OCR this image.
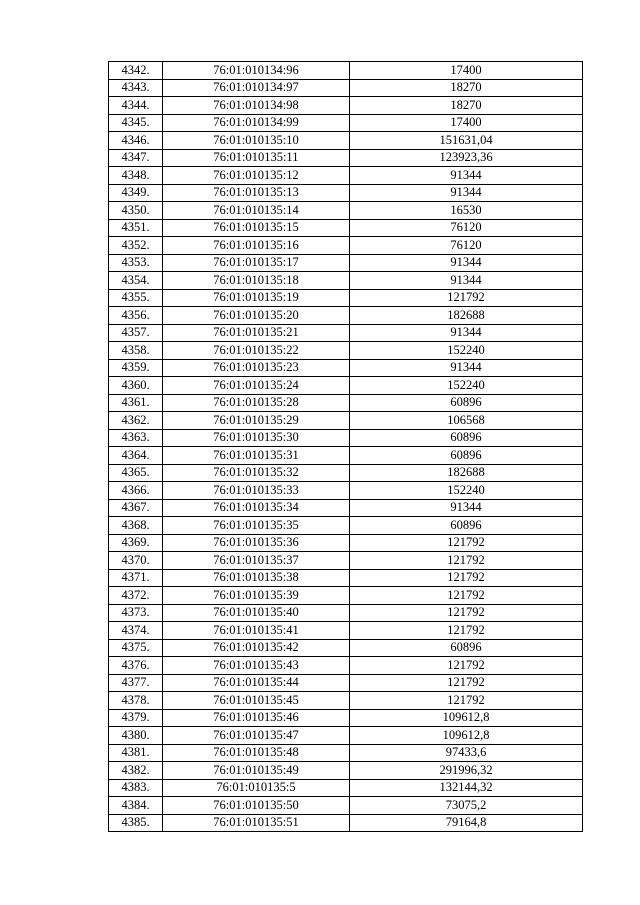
4342.	76:01:010134:96	17400
4343.	76:01:010134:97	18270
4344.	76:01:010134:98	18270
4345.	76:01:010134:99	17400
4346.	76:01:010135:10	151631,04
4347.	76:01:010135:11	123923,36
4348.	76:01:010135:12	91344
4349.	76:01:010135:13	91344
4350.	76:01:010135:14	16530
4351.	76:01:010135:15	76120
4352.	76:01:010135:16	76120
4353.	76:01:010135:17	91344
4354.	76:01:010135:18	91344
4355.	76:01:010135:19	121792
4356.	76:01:010135:20	182688
4357.	76:01:010135:21	91344
4358.	76:01:010135:22	152240
4359.	76:01:010135:23	91344
4360.	76:01:010135:24	152240
4361.	76:01:010135:28	60896
4362.	76:01:010135:29	106568
4363.	76:01:010135:30	60896
4364.	76:01:010135:31	60896
4365.	76:01:010135:32	182688
4366.	76:01:010135:33	152240
4367.	76:01:010135:34	91344
4368.	76:01:010135:35	60896
4369.	76:01:010135:36	121792
4370.	76:01:010135:37	121792
4371.	76:01:010135:38	121792
4372.	76:01:010135:39	121792
4373.	76:01:010135:40	121792
4374.	76:01:010135:41	121792
4375.	76:01:010135:42	60896
4376.	76:01:010135:43	121792
4377.	76:01:010135:44	121792
4378.	76:01:010135:45	121792
4379.	76:01:010135:46	109612,8
4380.	76:01:010135:47	109612,8
4381.	76:01:010135:48	97433,6
4382.	76:01:010135:49	291996,32
4383.	76:01:010135:5	132144,32
4384.	76:01:010135:50	73075,2
4385.	76:01:010135:51	79164,8
